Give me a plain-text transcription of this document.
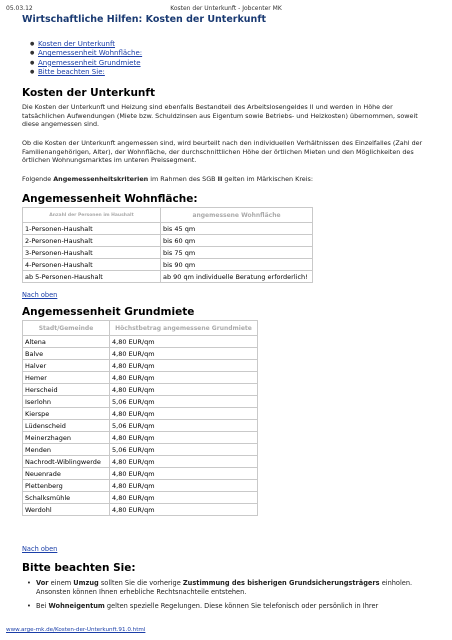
05.03.12	Kosten der Unterkunft - Jobcenter MK
Wirtschaftliche Hilfen: Kosten der Unterkunft
● Kosten der Unterkunft
● Angemessenheit Wohnfläche:
● Angemessenheit Grundmiete
● Bitte beachten Sie:
Kosten der Unterkunft

Die Kosten der Unterkunft und Heizung sind ebenfalls Bestandteil des Arbeitslosengeldes II und werden in Höhe der tatsächlichen Aufwendungen (Miete bzw. Schuldzinsen aus Eigentum sowie Betriebs- und Heizkosten) übernommen, soweit diese angemessen sind.

Ob die Kosten der Unterkunft angemessen sind, wird beurteilt nach den individuellen Verhältnissen des Einzelfalles (Zahl der Familienangehörigen, Alter), der Wohnfläche, der durchschnittlichen Höhe der örtlichen Mieten und den Möglichkeiten des örtlichen Wohnungsmarktes im unteren Preissegment.

Folgende Angemessenheitskriterien im Rahmen des SGB II gelten im Märkischen Kreis:

Angemessenheit Wohnfläche:
Anzahl der Personen im Haushalt	angemessene Wohnfläche
1-Personen-Haushalt	bis 45 qm
2-Personen-Haushalt	bis 60 qm
3-Personen-Haushalt	bis 75 qm
4-Personen-Haushalt	bis 90 qm
ab 5-Personen-Haushalt	ab 90 qm individuelle Beratung erforderlich!
Nach oben
Angemessenheit Grundmiete
Stadt/Gemeinde	Höchstbetrag angemessene Grundmiete
Altena	4,80 EUR/qm
Balve	4,80 EUR/qm
Halver	4,80 EUR/qm
Hemer	4,80 EUR/qm
Herscheid	4,80 EUR/qm
Iserlohn	5,06 EUR/qm
Kierspe	4,80 EUR/qm
Lüdenscheid	5,06 EUR/qm
Meinerzhagen	4,80 EUR/qm
Menden	5,06 EUR/qm
Nachrodt-Wiblingwerde	4,80 EUR/qm
Neuenrade	4,80 EUR/qm
Plettenberg	4,80 EUR/qm
Schalksmühle	4,80 EUR/qm
Werdohl	4,80 EUR/qm
Nach oben
Bitte beachten Sie:
• Vor einem Umzug sollten Sie die vorherige Zustimmung des bisherigen Grundsicherungsträgers einholen. Ansonsten können Ihnen erhebliche Rechtsnachteile entstehen.
• Bei Wohneigentum gelten spezielle Regelungen. Diese können Sie telefonisch oder persönlich in Ihrer
www.arge-mk.de/Kosten-der-Unterkunft.91.0.html
